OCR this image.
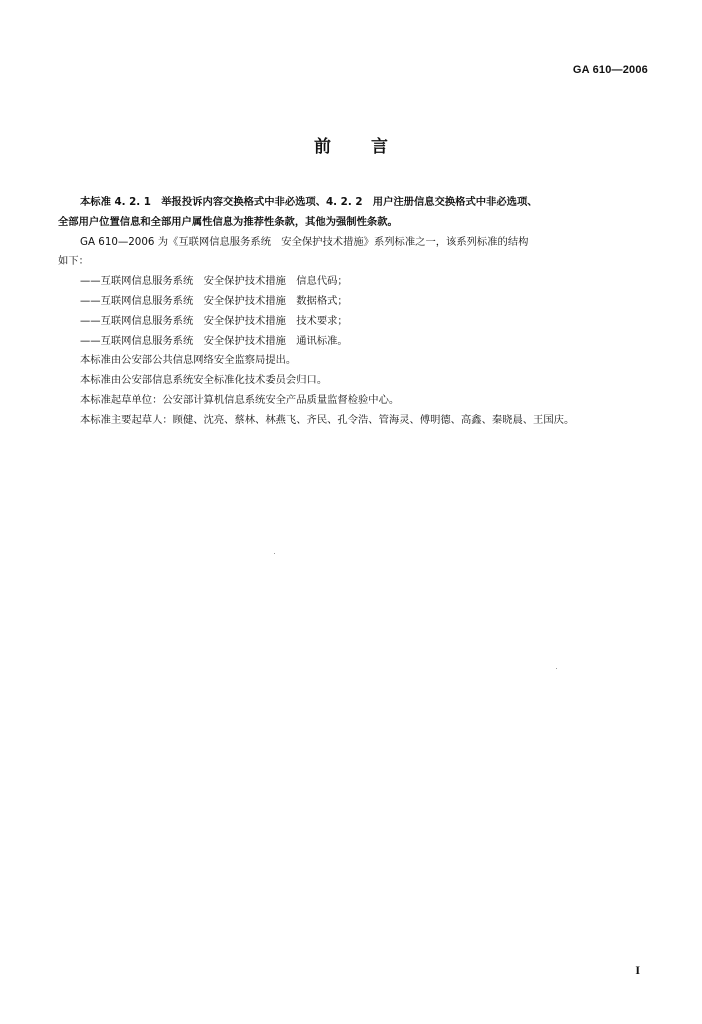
GA 610—2006
前言

本标准 4. 2. 1　举报投诉内容交换格式中非必选项、4. 2. 2　用户注册信息交换格式中非必选项、

全部用户位置信息和全部用户属性信息为推荐性条款，其他为强制性条款。

GA 610—2006 为《互联网信息服务系统　安全保护技术措施》系列标准之一，该系列标准的结构

如下：

——互联网信息服务系统　 安全保护技术措施　 信息代码；
——互联网信息服务系统　 安全保护技术措施　 数据格式；
——互联网信息服务系统　 安全保护技术措施　 技术要求；
——互联网信息服务系统　 安全保护技术措施　 通讯标准。

本标准由公安部公共信息网络安全监察局提出。

本标准由公安部信息系统安全标准化技术委员会归口。

本标准起草单位：公安部计算机信息系统安全产品质量监督检验中心。

本标准主要起草人：顾健、沈亮、蔡林、林燕飞、齐民、孔令浩、管海灵、傅明德、高鑫、秦晓晨、王国庆。

I
